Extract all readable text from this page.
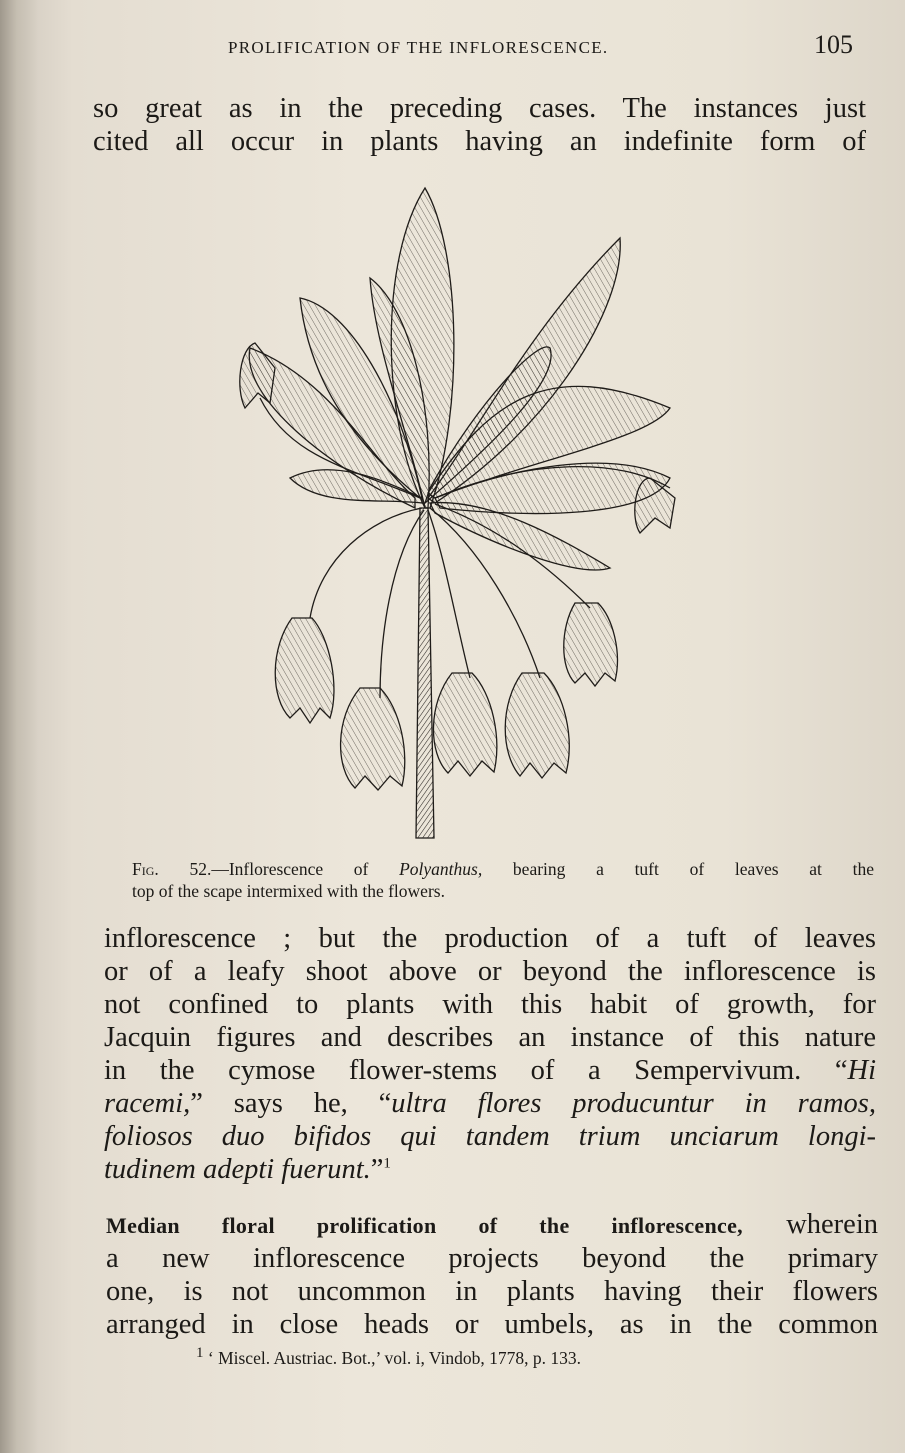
PROLIFICATION OF THE INFLORESCENCE.	105

so great as in the preceding cases. The instances just
cited all occur in plants having an indefinite form of

Fig. 52.—Inflorescence of Polyanthus, bearing a tuft of leaves at the
top of the scape intermixed with the flowers.

inflorescence ; but the production of a tuft of leaves
or of a leafy shoot above or beyond the inflorescence is
not confined to plants with this habit of growth, for
Jacquin figures and describes an instance of this nature
in the cymose flower-stems of a Sempervivum. “Hi
racemi,” says he, “ultra flores producuntur in ramos,
foliosos duo bifidos qui tandem trium unciarum longi-
tudinem adepti fuerunt.”$^1$

Median floral prolification of the inflorescence, wherein
a new inflorescence projects beyond the primary
one, is not uncommon in plants having their flowers
arranged in close heads or umbels, as in the common

$^1$ ‘ Miscel. Austriac. Bot.,’ vol. i, Vindob, 1778, p. 133.
